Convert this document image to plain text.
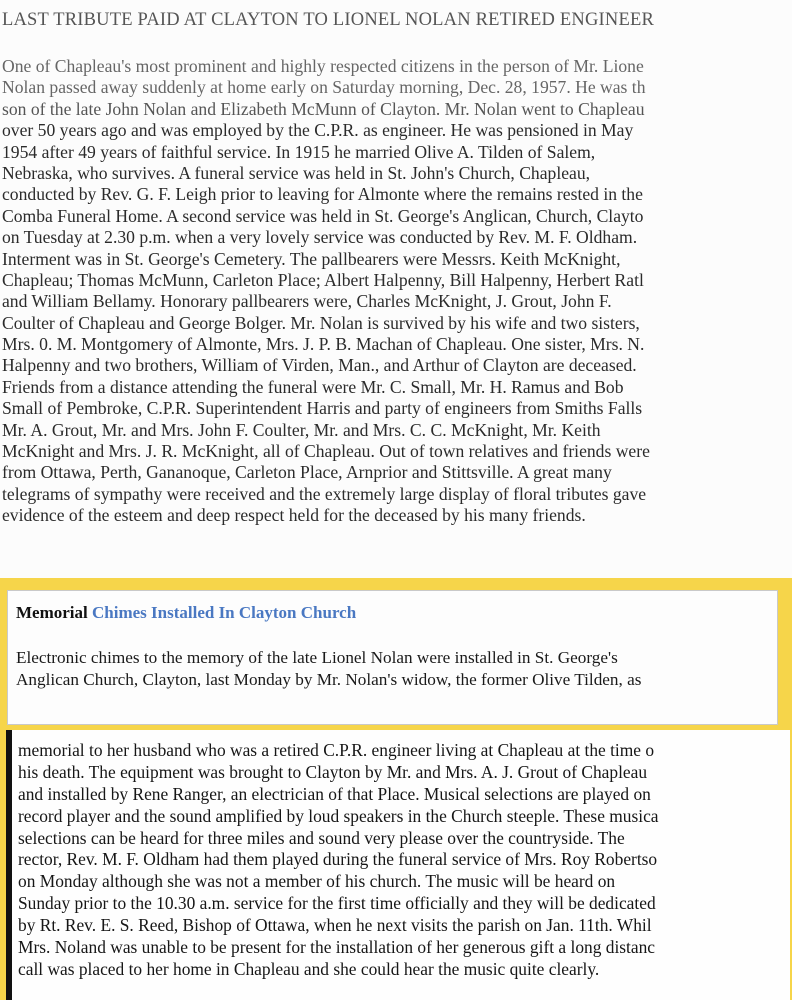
LAST TRIBUTE PAID AT CLAYTON TO LIONEL NOLAN RETIRED ENGINEER
One of Chapleau's most prominent and highly respected citizens in the person of Mr. Lione
Nolan passed away suddenly at home early on Saturday morning, Dec. 28, 1957. He was th
son of the late John Nolan and Elizabeth McMunn of Clayton. Mr. Nolan went to Chapleau
over 50 years ago and was employed by the C.P.R. as engineer. He was pensioned in May
1954 after 49 years of faithful service. In 1915 he married Olive A. Tilden of Salem,
Nebraska, who survives. A funeral service was held in St. John's Church, Chapleau,
conducted by Rev. G. F. Leigh prior to leaving for Almonte where the remains rested in the
Comba Funeral Home. A second service was held in St. George's Anglican, Church, Clayto
on Tuesday at 2.30 p.m. when a very lovely service was conducted by Rev. M. F. Oldham.
Interment was in St. George's Cemetery. The pallbearers were Messrs. Keith McKnight,
Chapleau; Thomas McMunn, Carleton Place; Albert Halpenny, Bill Halpenny, Herbert Ratl
and William Bellamy. Honorary pallbearers were, Charles McKnight, J. Grout, John F.
Coulter of Chapleau and George Bolger. Mr. Nolan is survived by his wife and two sisters,
Mrs. 0. M. Montgomery of Almonte, Mrs. J. P. B. Machan of Chapleau. One sister, Mrs. N.
Halpenny and two brothers, William of Virden, Man., and Arthur of Clayton are deceased.
Friends from a distance attending the funeral were Mr. C. Small, Mr. H. Ramus and Bob
Small of Pembroke, C.P.R. Superintendent Harris and party of engineers from Smiths Falls
Mr. A. Grout, Mr. and Mrs. John F. Coulter, Mr. and Mrs. C. C. McKnight, Mr. Keith
McKnight and Mrs. J. R. McKnight, all of Chapleau. Out of town relatives and friends were
from Ottawa, Perth, Gananoque, Carleton Place, Arnprior and Stittsville. A great many
telegrams of sympathy were received and the extremely large display of floral tributes gave
evidence of the esteem and deep respect held for the deceased by his many friends.
Memorial Chimes Installed In Clayton Church
Electronic chimes to the memory of the late Lionel Nolan were installed in St. George's
Anglican Church, Clayton, last Monday by Mr. Nolan's widow, the former Olive Tilden, as
memorial to her husband who was a retired C.P.R. engineer living at Chapleau at the time o
his death. The equipment was brought to Clayton by Mr. and Mrs. A. J. Grout of Chapleau
and installed by Rene Ranger, an electrician of that Place. Musical selections are played on
record player and the sound amplified by loud speakers in the Church steeple. These musica
selections can be heard for three miles and sound very please over the countryside. The
rector, Rev. M. F. Oldham had them played during the funeral service of Mrs. Roy Robertso
on Monday although she was not a member of his church. The music will be heard on
Sunday prior to the 10.30 a.m. service for the first time officially and they will be dedicated
by Rt. Rev. E. S. Reed, Bishop of Ottawa, when he next visits the parish on Jan. 11th. Whil
Mrs. Noland was unable to be present for the installation of her generous gift a long distanc
call was placed to her home in Chapleau and she could hear the music quite clearly.
